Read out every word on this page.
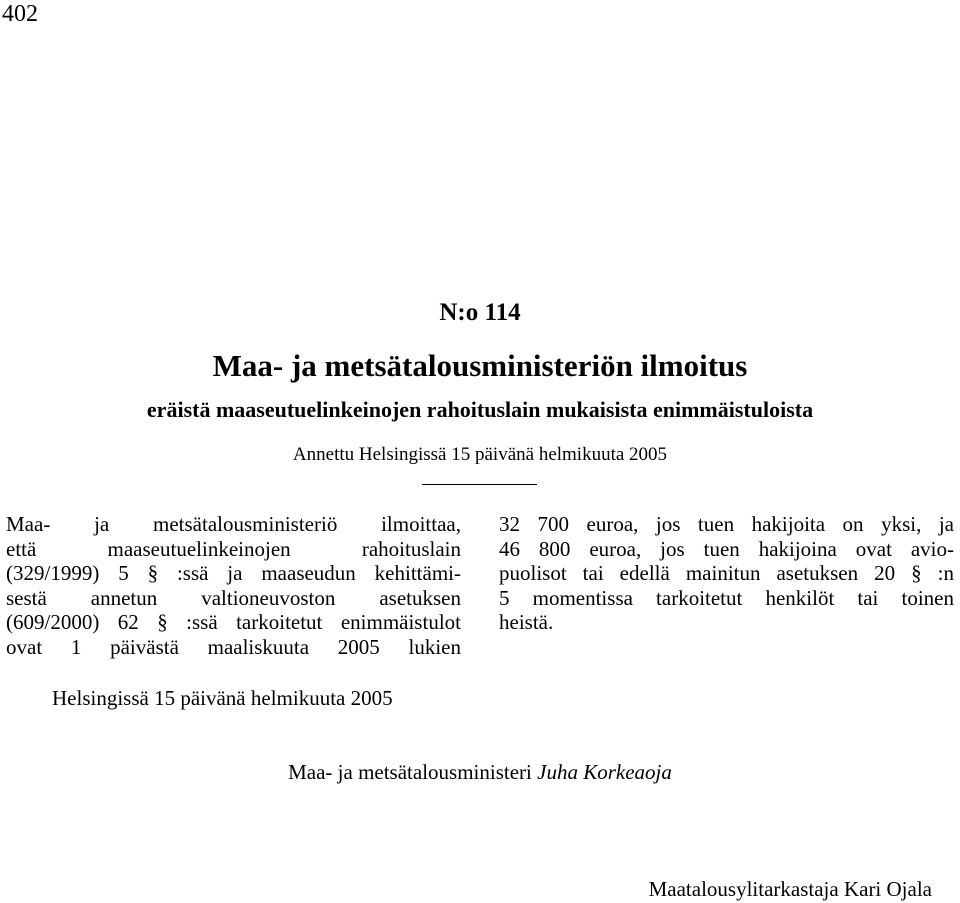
402
N:o 114
Maa- ja metsätalousministeriön ilmoitus
eräistä maaseutuelinkeinojen rahoituslain mukaisista enimmäistuloista
Annettu Helsingissä 15 päivänä helmikuuta 2005

Maa- ja metsätalousministeriö ilmoittaa,

että maaseutuelinkeinojen rahoituslain

(329/1999) 5 § :ssä ja maaseudun kehittämi-

sestä annetun valtioneuvoston asetuksen

(609/2000) 62 § :ssä tarkoitetut enimmäistulot

ovat 1 päivästä maaliskuuta 2005 lukien

32 700 euroa, jos tuen hakijoita on yksi, ja

46 800 euroa, jos tuen hakijoina ovat avio-

puolisot tai edellä mainitun asetuksen 20 § :n

5 momentissa tarkoitetut henkilöt tai toinen

heistä.

Helsingissä 15 päivänä helmikuuta 2005
Maa- ja metsätalousministeri Juha Korkeaoja
Maatalousylitarkastaja Kari Ojala
